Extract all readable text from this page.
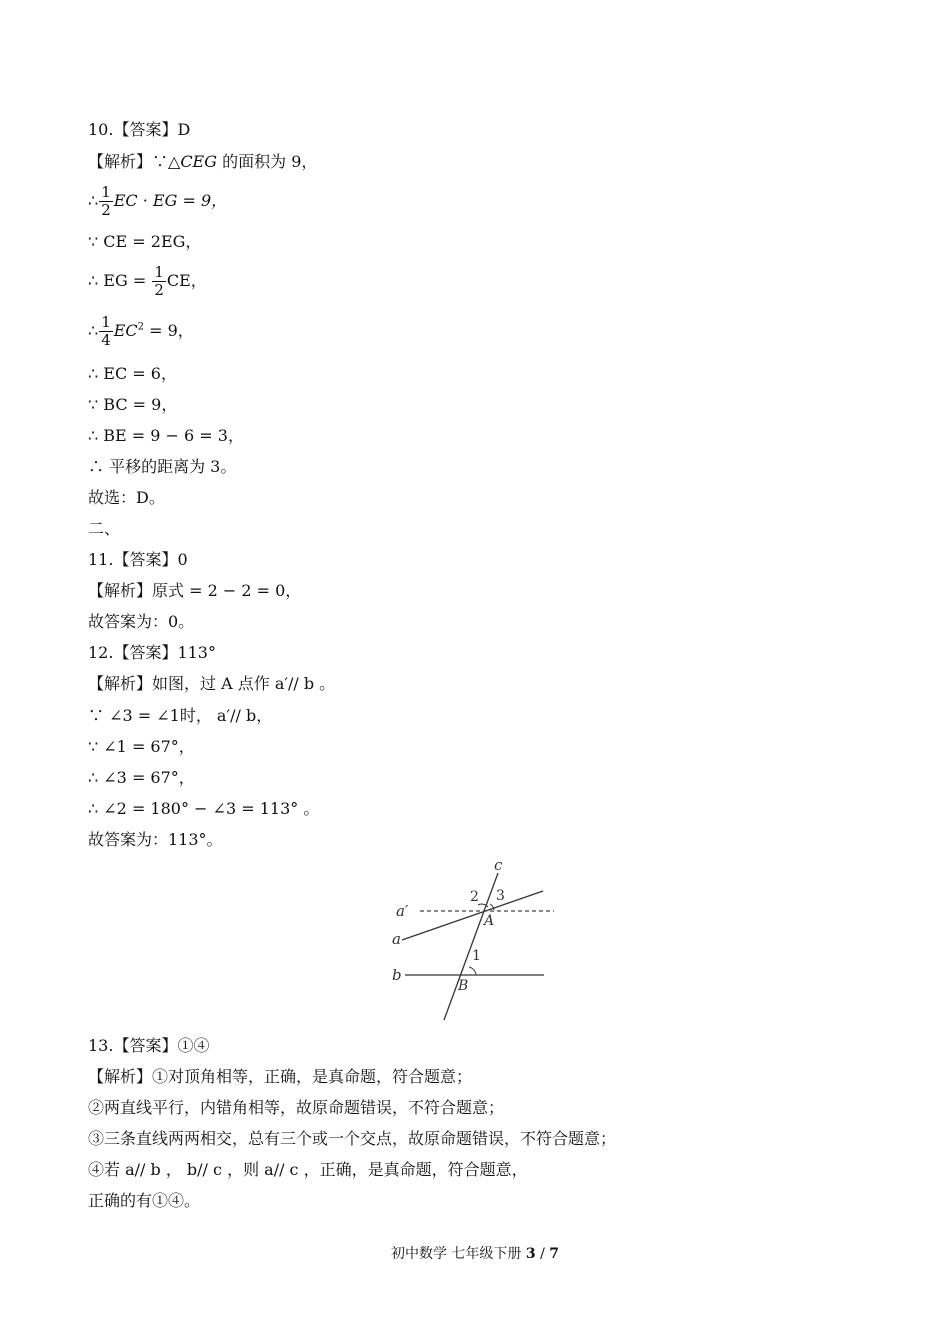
10.【答案】D
【解析】∵△CEG 的面积为 9，
∴ $\frac{1}{2}$ EC · EG = 9，
∵ CE = 2EG，
∴ EG = $\frac{1}{2}$ CE，
∴ $\frac{1}{4} EC^2 = 9$，
∴ EC = 6，
∵ BC = 9，
∴ BE = 9 − 6 = 3，
∴ 平移的距离为 3。
故选：D。
二、
11.【答案】0
【解析】原式 = 2 − 2 = 0，
故答案为：0。
12.【答案】113°
【解析】如图，过 A 点作 a′// b 。
∵ ∠3 = ∠1时， a′// b，
∵ ∠1 = 67°，
∴ ∠3 = 67°，
∴ ∠2 = 180° − ∠3 = 113° 。
故答案为：113°。
c
2 3
a′
A
a
1
b
B
13.【答案】①④
【解析】①对顶角相等，正确，是真命题，符合题意；
②两直线平行，内错角相等，故原命题错误，不符合题意；
③三条直线两两相交，总有三个或一个交点，故原命题错误，不符合题意；
④若 a// b ， b// c ，则 a// c ，正确，是真命题，符合题意，
正确的有①④。
初中数学 七年级下册 3 / 7
